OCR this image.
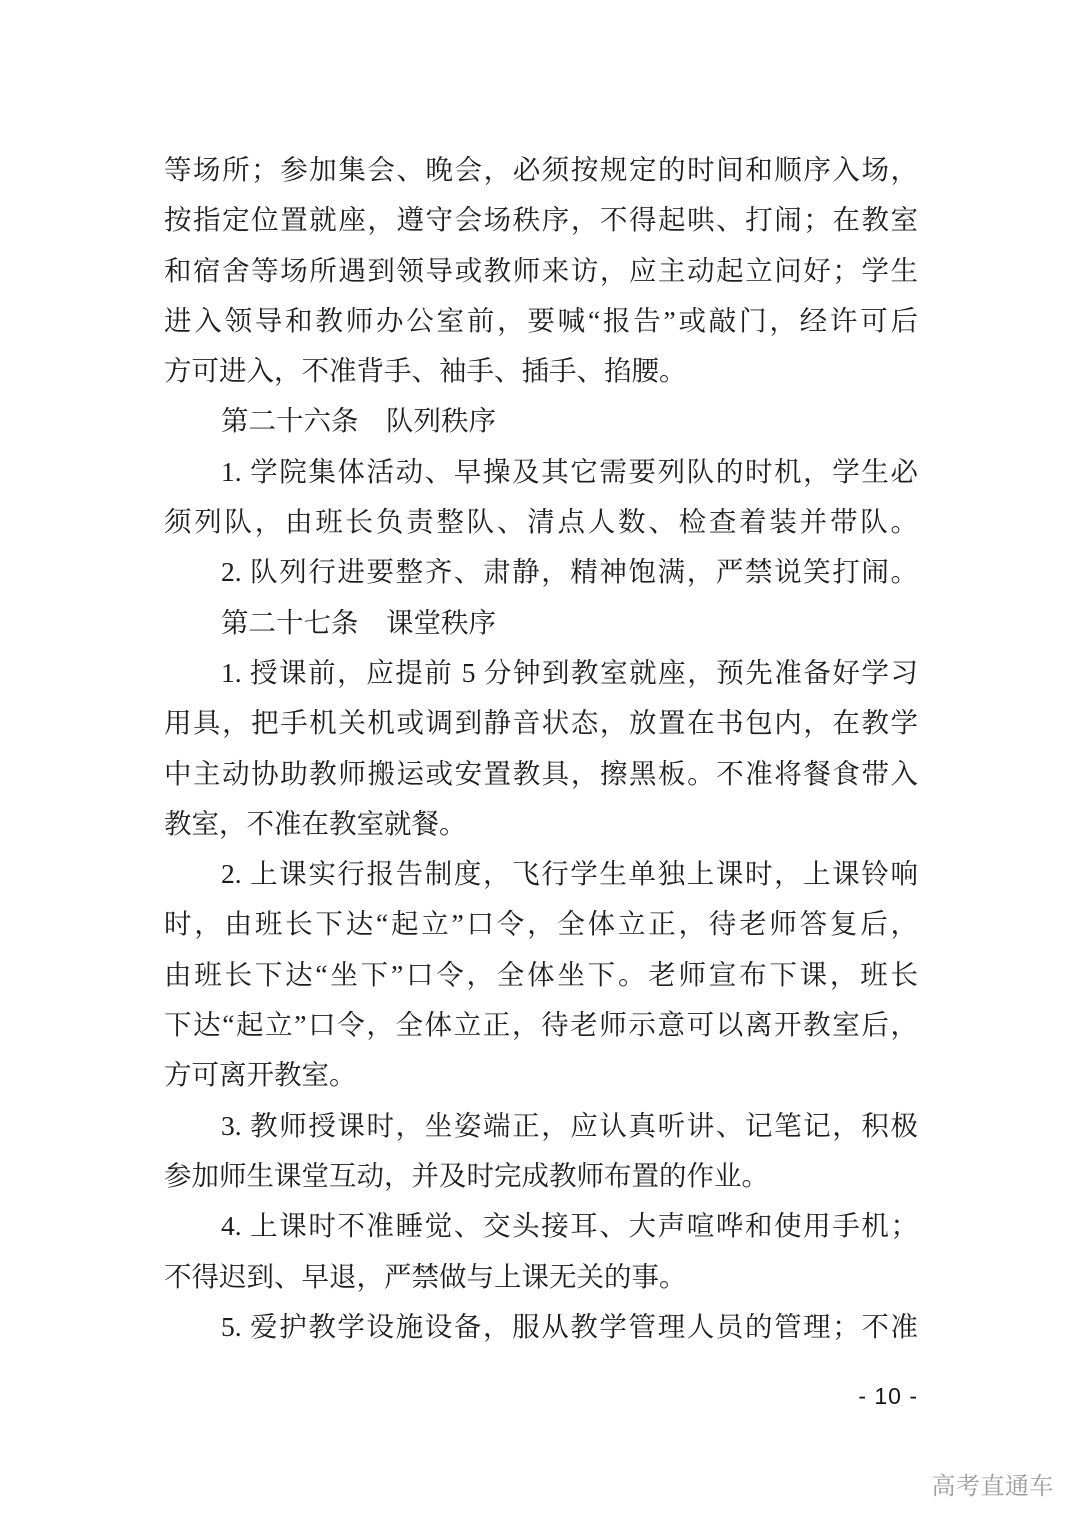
等场所；参加集会、晚会，必须按规定的时间和顺序入场，
按指定位置就座，遵守会场秩序，不得起哄、打闹；在教室
和宿舍等场所遇到领导或教师来访，应主动起立问好；学生
进入领导和教师办公室前，要喊“报告”或敲门，经许可后
方可进入，不准背手、袖手、插手、掐腰。
第二十六条　队列秩序
1. 学院集体活动、早操及其它需要列队的时机，学生必
须列队，由班长负责整队、清点人数、检查着装并带队。
2. 队列行进要整齐、肃静，精神饱满，严禁说笑打闹。
第二十七条　课堂秩序
1. 授课前，应提前 5 分钟到教室就座，预先准备好学习
用具，把手机关机或调到静音状态，放置在书包内，在教学
中主动协助教师搬运或安置教具，擦黑板。不准将餐食带入
教室，不准在教室就餐。
2. 上课实行报告制度，飞行学生单独上课时，上课铃响
时，由班长下达“起立”口令，全体立正，待老师答复后，
由班长下达“坐下”口令，全体坐下。老师宣布下课，班长
下达“起立”口令，全体立正，待老师示意可以离开教室后，
方可离开教室。
3. 教师授课时，坐姿端正，应认真听讲、记笔记，积极
参加师生课堂互动，并及时完成教师布置的作业。
4. 上课时不准睡觉、交头接耳、大声喧哗和使用手机；
不得迟到、早退，严禁做与上课无关的事。
5. 爱护教学设施设备，服从教学管理人员的管理；不准
- 10 -
高考直通车
